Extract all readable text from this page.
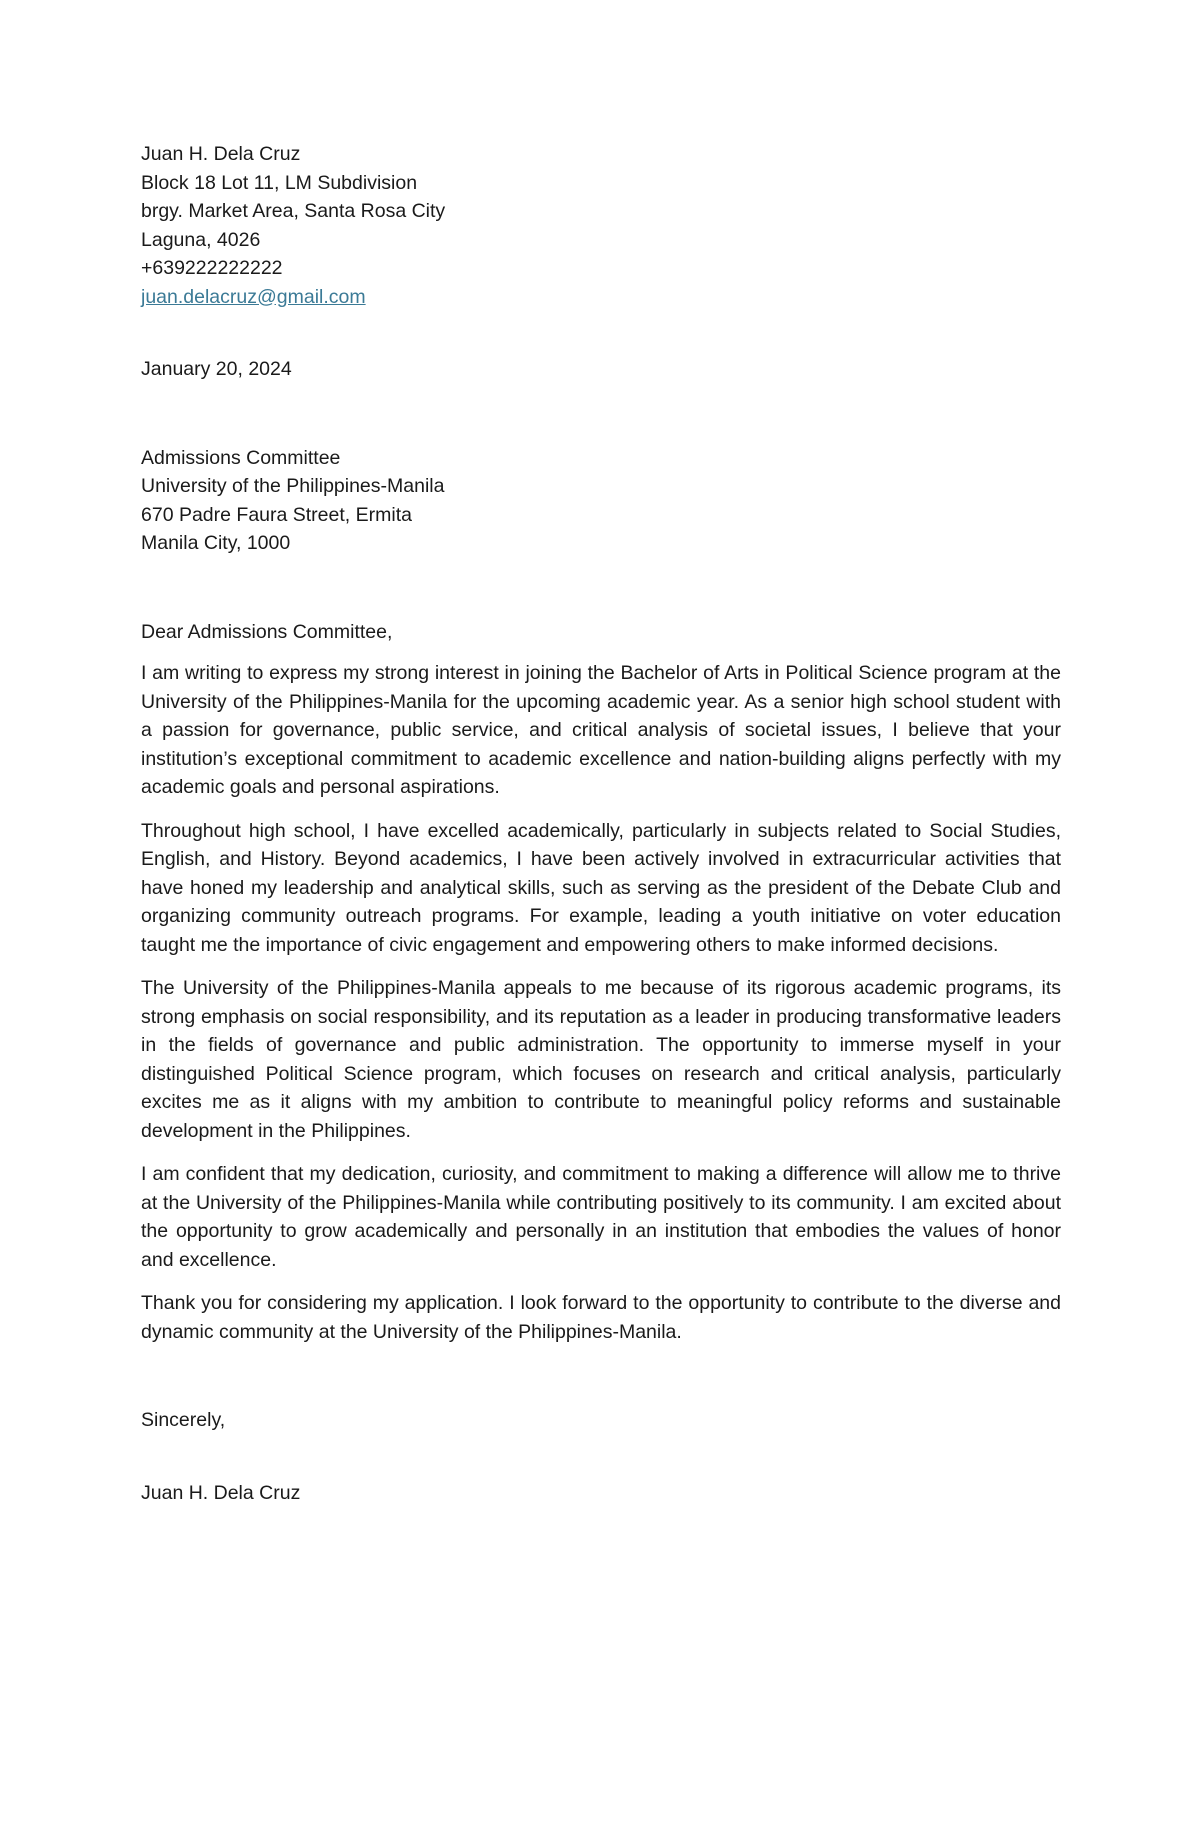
Juan H. Dela Cruz
Block 18 Lot 11, LM Subdivision
brgy. Market Area, Santa Rosa City
Laguna, 4026
+639222222222
juan.delacruz@gmail.com
January 20, 2024
Admissions Committee
University of the Philippines-Manila
670 Padre Faura Street, Ermita
Manila City, 1000
Dear Admissions Committee,

I am writing to express my strong interest in joining the Bachelor of Arts in Political Science program at the University of the Philippines-Manila for the upcoming academic year. As a senior high school student with a passion for governance, public service, and critical analysis of societal issues, I believe that your institution’s exceptional commitment to academic excellence and nation-building aligns perfectly with my academic goals and personal aspirations.

Throughout high school, I have excelled academically, particularly in subjects related to Social Studies, English, and History. Beyond academics, I have been actively involved in extracurricular activities that have honed my leadership and analytical skills, such as serving as the president of the Debate Club and organizing community outreach programs. For example, leading a youth initiative on voter education taught me the importance of civic engagement and empowering others to make informed decisions.

The University of the Philippines-Manila appeals to me because of its rigorous academic programs, its strong emphasis on social responsibility, and its reputation as a leader in producing transformative leaders in the fields of governance and public administration. The opportunity to immerse myself in your distinguished Political Science program, which focuses on research and critical analysis, particularly excites me as it aligns with my ambition to contribute to meaningful policy reforms and sustainable development in the Philippines.

I am confident that my dedication, curiosity, and commitment to making a difference will allow me to thrive at the University of the Philippines-Manila while contributing positively to its community. I am excited about the opportunity to grow academically and personally in an institution that embodies the values of honor and excellence.

Thank you for considering my application. I look forward to the opportunity to contribute to the diverse and dynamic community at the University of the Philippines-Manila.

Sincerely,
Juan H. Dela Cruz
